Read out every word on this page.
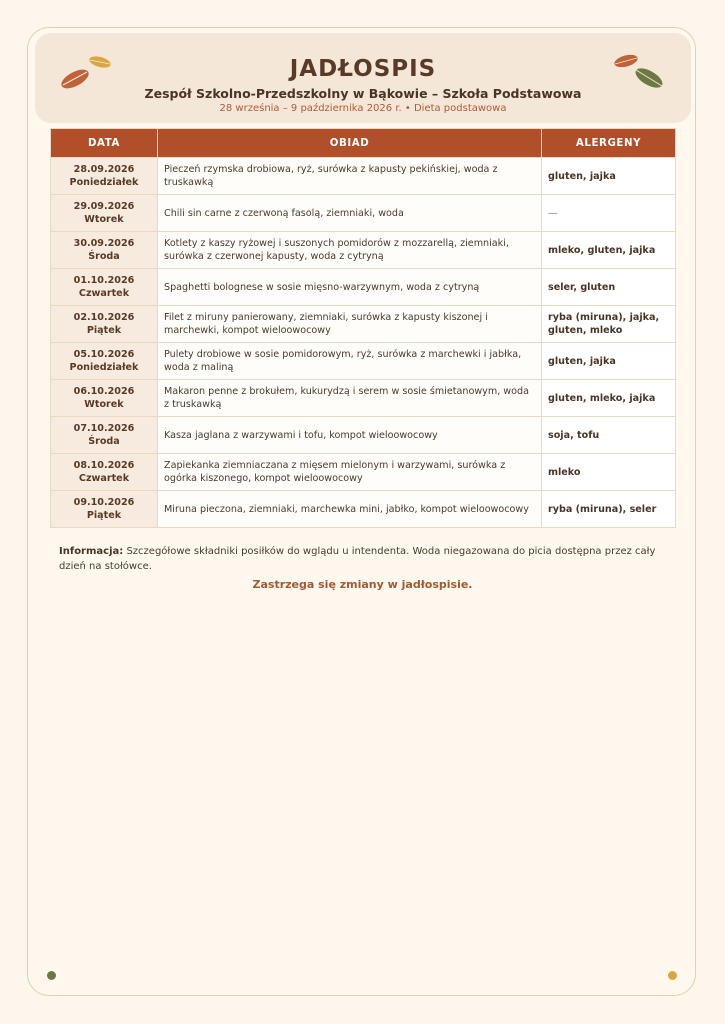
JADŁOSPIS
Zespół Szkolno-Przedszkolny w Bąkowie – Szkoła Podstawowa
28 września – 9 października 2026 r. • Dieta podstawowa
DATA	OBIAD	ALERGENY

28.09.2026
Poniedziałek	Pieczeń rzymska drobiowa, ryż, surówka z kapusty pekińskiej, woda z truskawką	gluten, jajka

29.09.2026
Wtorek	Chili sin carne z czerwoną fasolą, ziemniaki, woda	—

30.09.2026
Środa	Kotlety z kaszy ryżowej i suszonych pomidorów z mozzarellą, ziemniaki, surówka z czerwonej kapusty, woda z cytryną	mleko, gluten, jajka

01.10.2026
Czwartek	Spaghetti bolognese w sosie mięsno-warzywnym, woda z cytryną	seler, gluten

02.10.2026
Piątek	Filet z miruny panierowany, ziemniaki, surówka z kapusty kiszonej i marchewki, kompot wieloowocowy	ryba (miruna), jajka, gluten, mleko

05.10.2026
Poniedziałek	Pulety drobiowe w sosie pomidorowym, ryż, surówka z marchewki i jabłka, woda z maliną	gluten, jajka

06.10.2026
Wtorek	Makaron penne z brokułem, kukurydzą i serem w sosie śmietanowym, woda z truskawką	gluten, mleko, jajka

07.10.2026
Środa	Kasza jaglana z warzywami i tofu, kompot wieloowocowy	soja, tofu

08.10.2026
Czwartek	Zapiekanka ziemniaczana z mięsem mielonym i warzywami, surówka z ogórka kiszonego, kompot wieloowocowy	mleko

09.10.2026
Piątek	Miruna pieczona, ziemniaki, marchewka mini, jabłko, kompot wieloowocowy	ryba (miruna), seler
Informacja: Szczegółowe składniki posiłków do wglądu u intendenta. Woda niegazowana do picia dostępna przez cały dzień na stołówce.
Zastrzega się zmiany w jadłospisie.
